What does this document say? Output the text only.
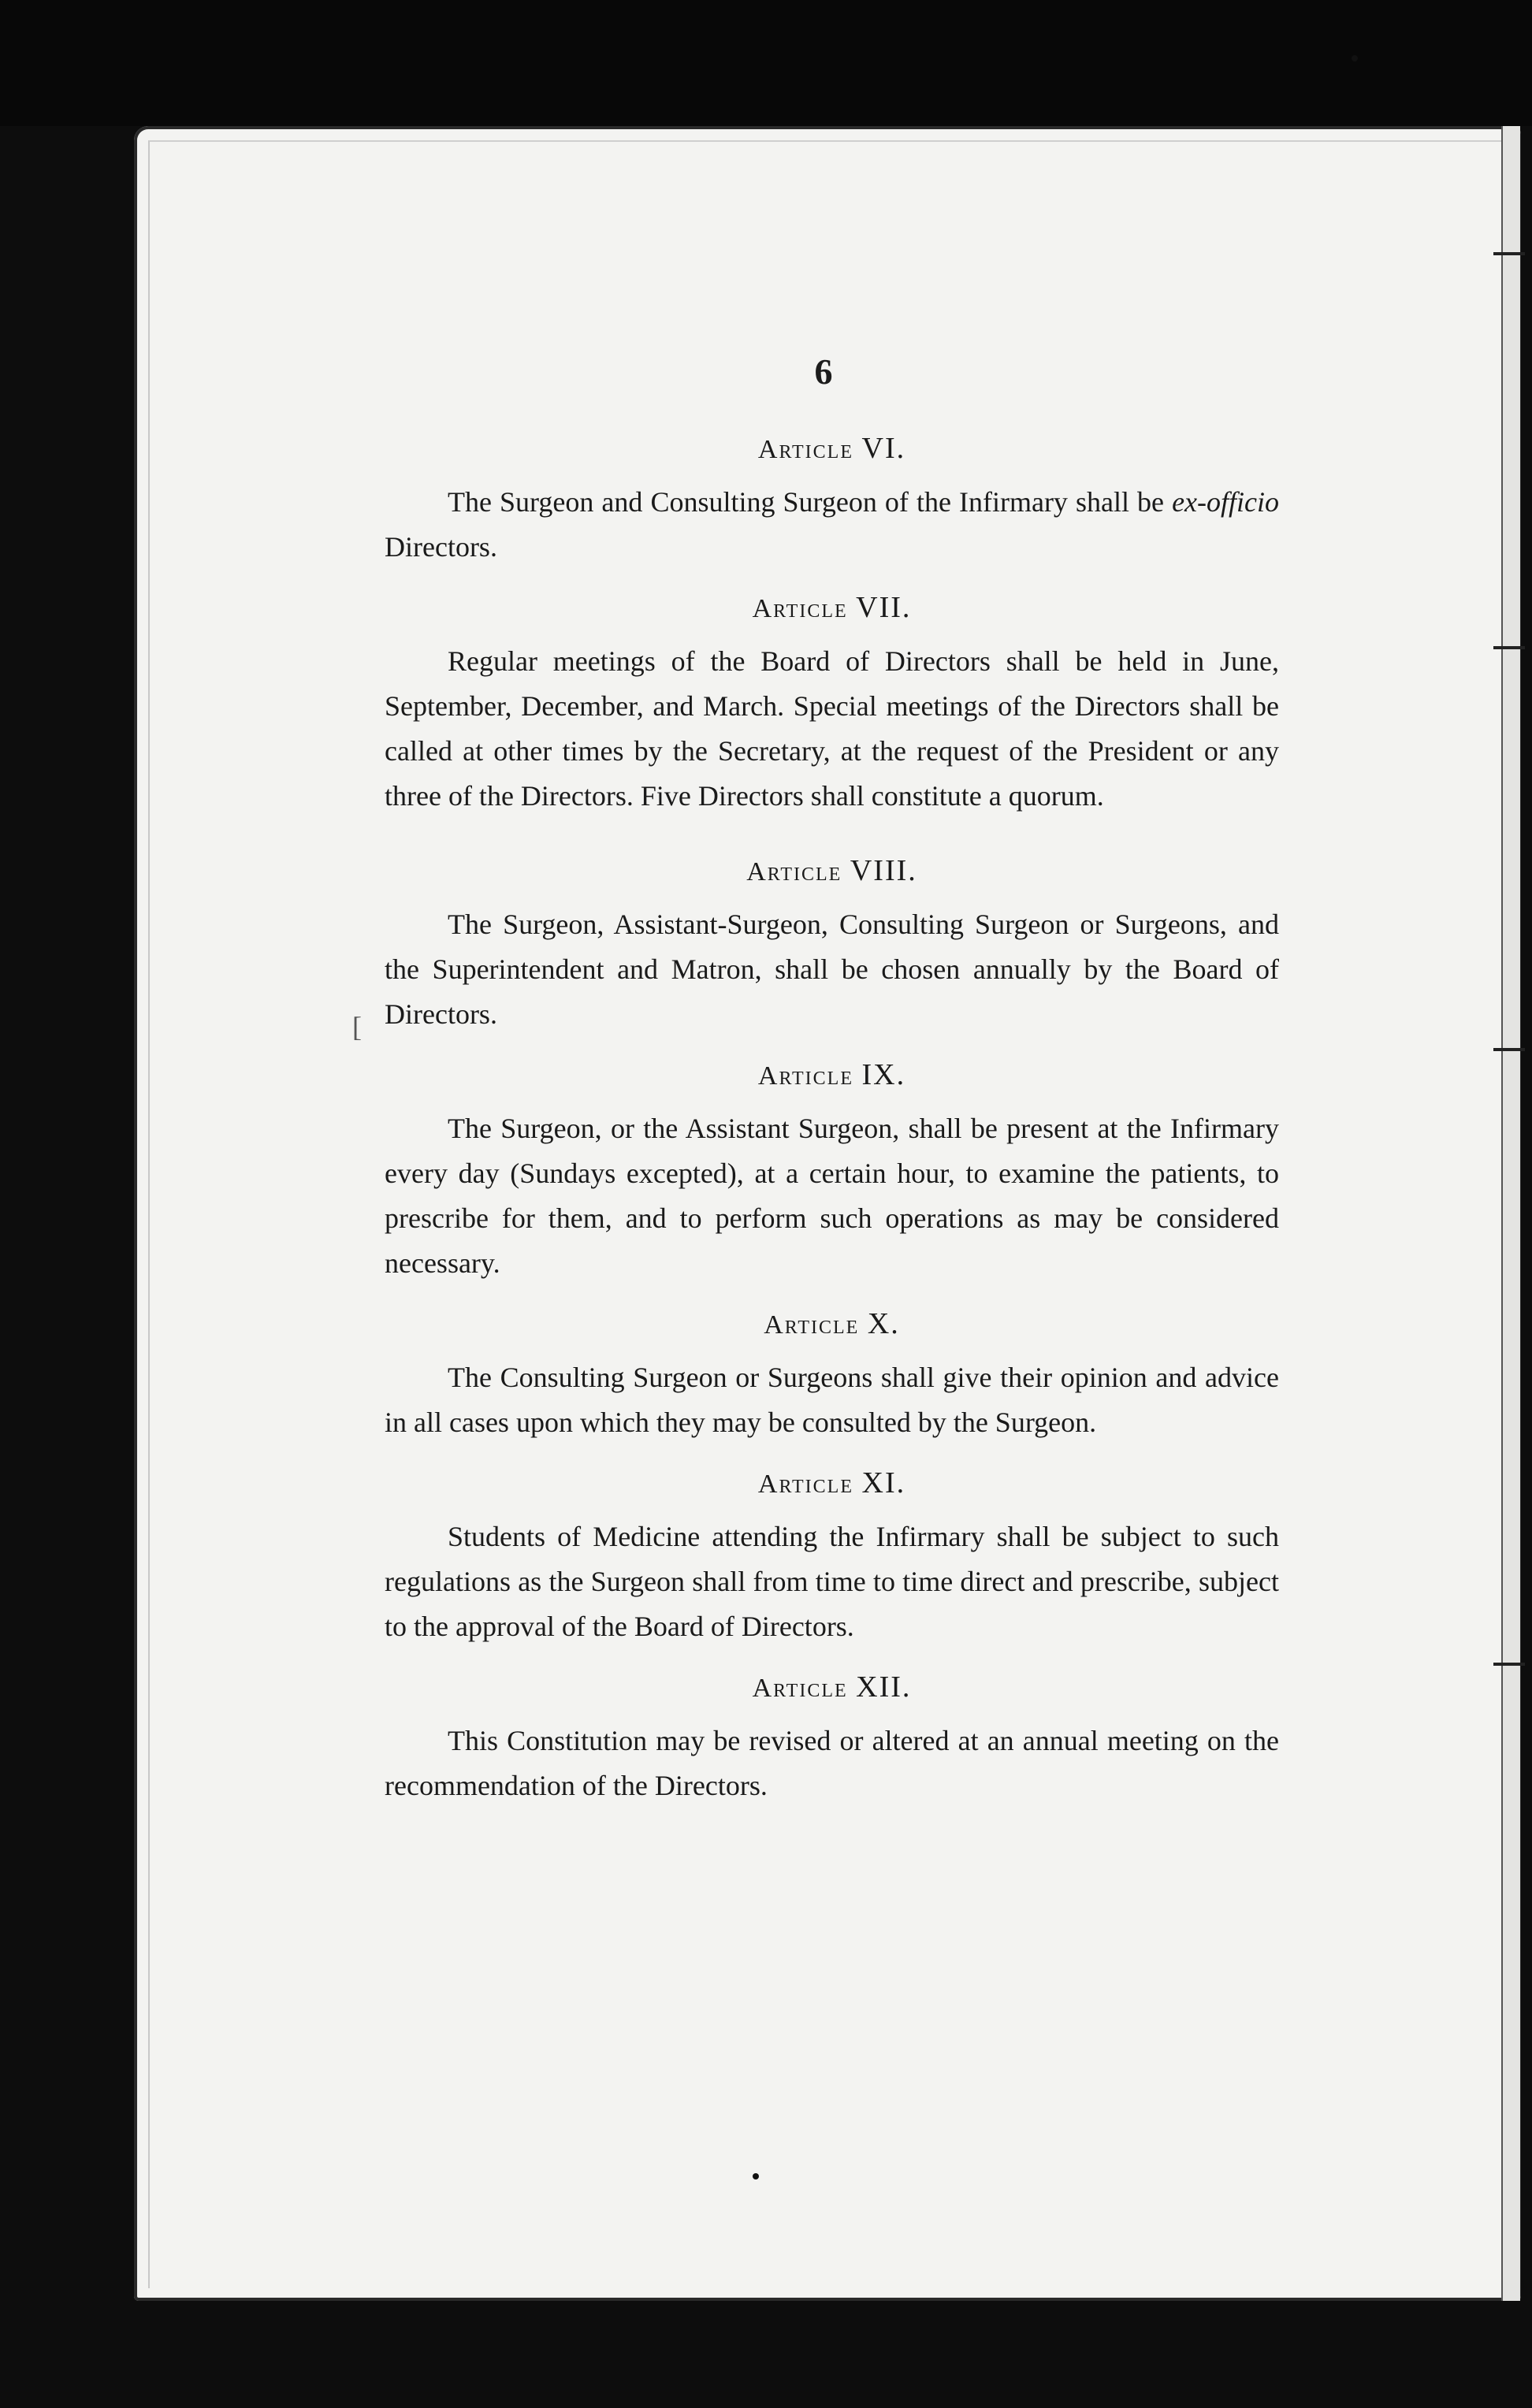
6
[
Article VI.

The Surgeon and Consulting Surgeon of the Infirmary shall be ex-officio Directors.

Article VII.

Regular meetings of the Board of Directors shall be held in June, September, December, and March. Special meetings of the Directors shall be called at other times by the Secretary, at the request of the President or any three of the Directors. Five Directors shall constitute a quorum.

Article VIII.

The Surgeon, Assistant-Surgeon, Consulting Surgeon or Surgeons, and the Superintendent and Matron, shall be chosen annually by the Board of Directors.

Article IX.

The Surgeon, or the Assistant Surgeon, shall be present at the Infirmary every day (Sundays excepted), at a certain hour, to examine the patients, to prescribe for them, and to perform such operations as may be considered necessary.

Article X.

The Consulting Surgeon or Surgeons shall give their opinion and advice in all cases upon which they may be consulted by the Surgeon.

Article XI.

Students of Medicine attending the Infirmary shall be subject to such regulations as the Surgeon shall from time to time direct and prescribe, subject to the approval of the Board of Directors.

Article XII.

This Constitution may be revised or altered at an annual meeting on the recommendation of the Directors.
